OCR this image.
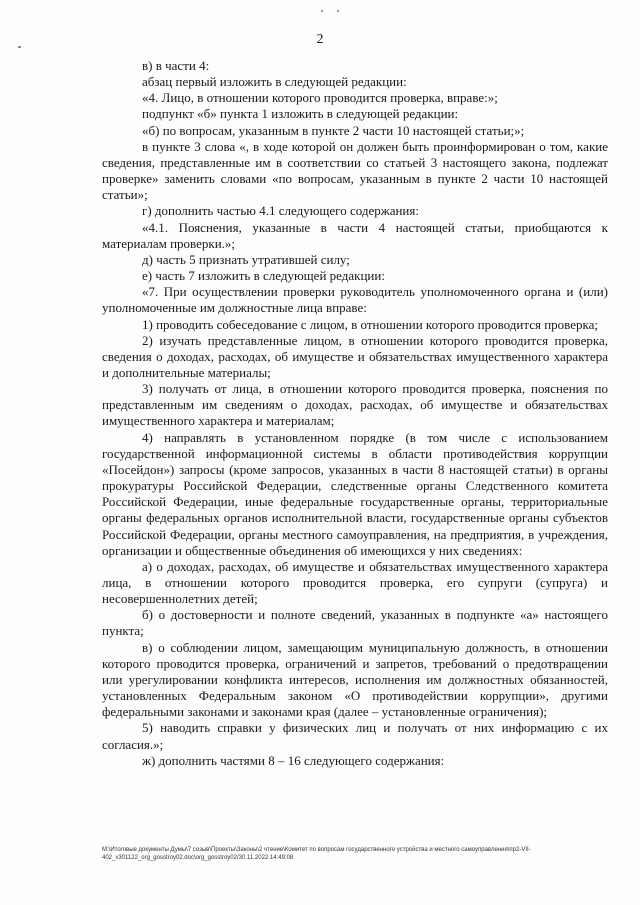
2

в) в части 4:

абзац первый изложить в следующей редакции:

«4. Лицо, в отношении которого проводится проверка, вправе:»;

подпункт «б» пункта 1 изложить в следующей редакции:

«б) по вопросам, указанным в пункте 2 части 10 настоящей статьи;»;

в пункте 3 слова «, в ходе которой он должен быть проинформирован о том, какие сведения, представленные им в соответствии со статьей 3 настоящего закона, подлежат проверке» заменить словами «по вопросам, указанным в пункте 2 части 10 настоящей статьи»;

г) дополнить частью 4.1 следующего содержания:

«4.1. Пояснения, указанные в части 4 настоящей статьи, приобщаются к материалам проверки.»;

д) часть 5 признать утратившей силу;

е) часть 7 изложить в следующей редакции:

«7. При осуществлении проверки руководитель уполномоченного органа и (или) уполномоченные им должностные лица вправе:

1) проводить собеседование с лицом, в отношении которого проводится проверка;

2) изучать представленные лицом, в отношении которого проводится проверка, сведения о доходах, расходах, об имуществе и обязательствах имущественного характера и дополнительные материалы;

3) получать от лица, в отношении которого проводится проверка, пояснения по представленным им сведениям о доходах, расходах, об имуществе и обязательствах имущественного характера и материалам;

4) направлять в установленном порядке (в том числе с использованием государственной информационной системы в области противодействия коррупции «Посейдон») запросы (кроме запросов, указанных в части 8 настоящей статьи) в органы прокуратуры Российской Федерации, следственные органы Следственного комитета Российской Федерации, иные федеральные государственные органы, территориальные органы федеральных органов исполнительной власти, государственные органы субъектов Российской Федерации, органы местного самоуправления, на предприятия, в учреждения, организации и общественные объединения об имеющихся у них сведениях:

а) о доходах, расходах, об имуществе и обязательствах имущественного характера лица, в отношении которого проводится проверка, его супруги (супруга) и несовершеннолетних детей;

б) о достоверности и полноте сведений, указанных в подпункте «а» настоящего пункта;

в) о соблюдении лицом, замещающим муниципальную должность, в отношении которого проводится проверка, ограничений и запретов, требований о предотвращении или урегулировании конфликта интересов, исполнения им должностных обязанностей, установленных Федеральным законом «О противодействии коррупции», другими федеральными законами и законами края (далее – установленные ограничения);

5) наводить справки у физических лиц и получать от них информацию с их согласия.»;

ж) дополнить частями 8 – 16 следующего содержания:

М:\Итоговые документы Думы\7 созыв\Проекты\Законы\2 чтение\Комитет по вопросам государственного устройства и местного самоуправления\пр2-VII-402_v301122_org_gosstroy02.doc\org_gosstroy02/30.11.2022 14:49:08
